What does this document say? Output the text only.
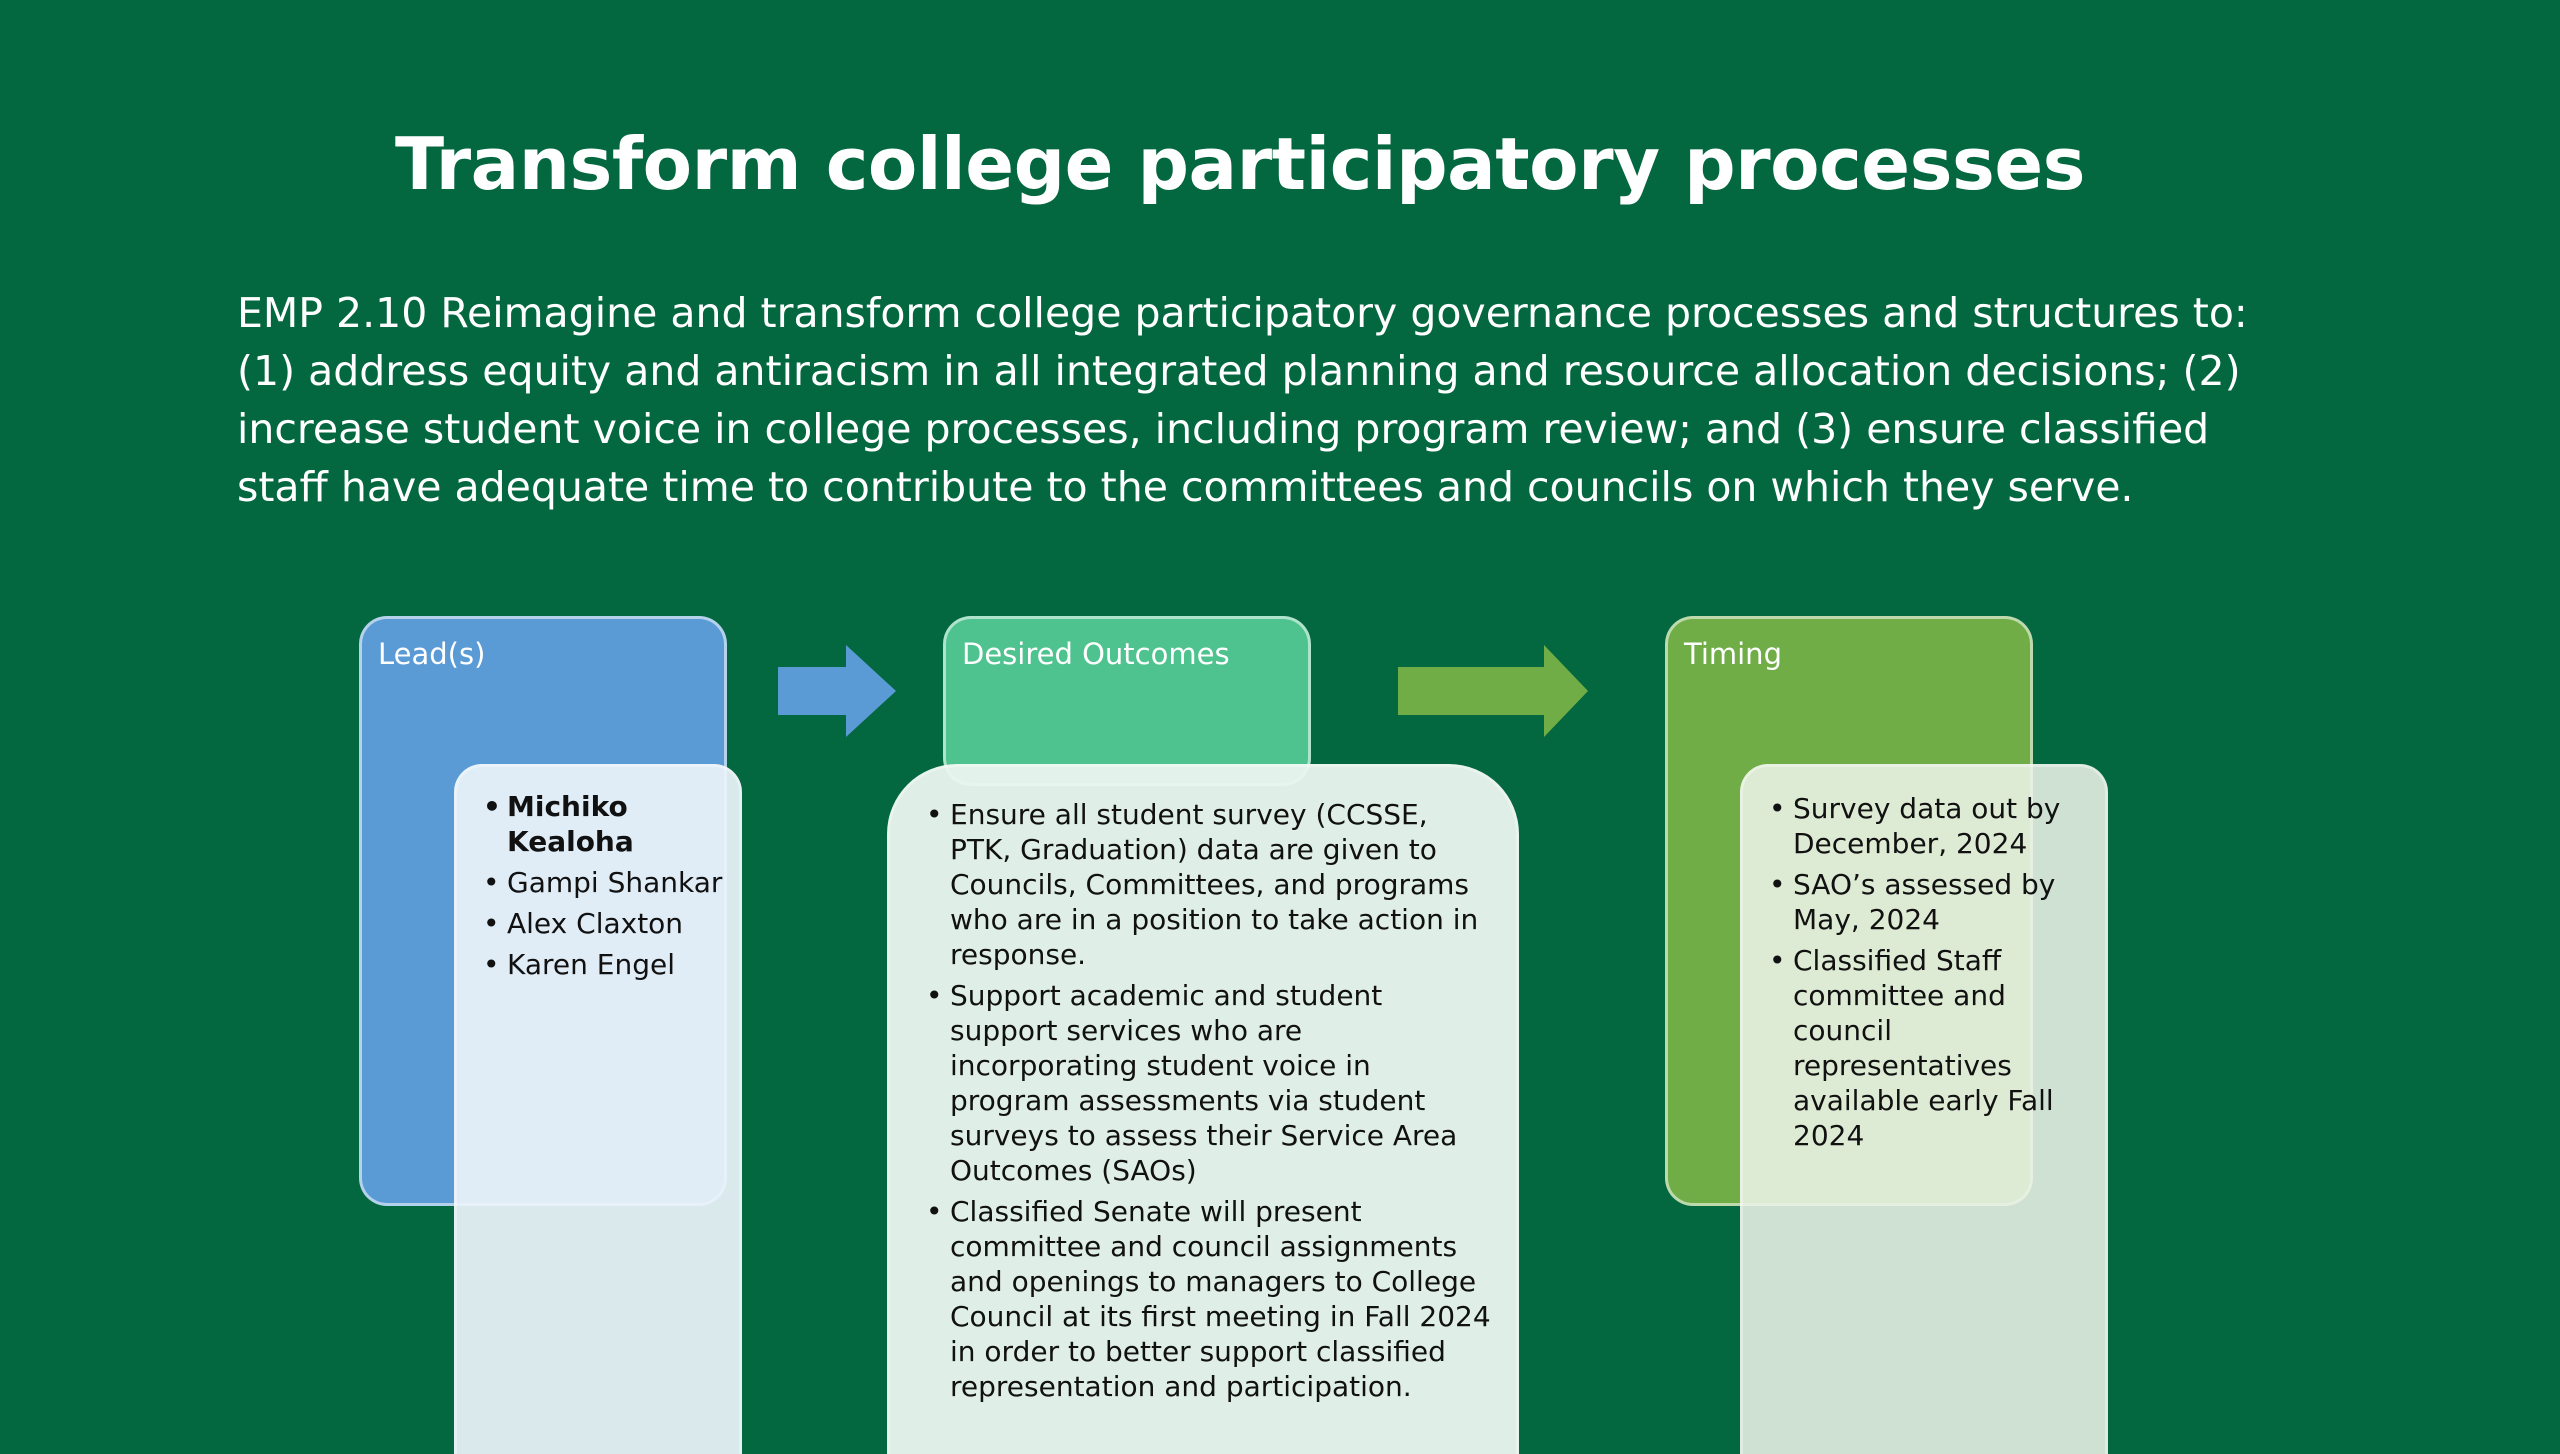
Transform college participatory processes

EMP 2.10 Reimagine and transform college participatory governance processes and structures to: (1) address equity and antiracism in all integrated planning and resource allocation decisions; (2) increase student voice in college processes, including program review; and (3) ensure classified staff have adequate time to contribute to the committees and councils on which they serve.

Lead(s)
• Michiko Kealoha
• Gampi Shankar
• Alex Claxton
• Karen Engel
Desired Outcomes
• Ensure all student survey (CCSSE, PTK, Graduation) data are given to Councils, Committees, and programs who are in a position to take action in response.
• Support academic and student support services who are incorporating student voice in program assessments via student surveys to assess their Service Area Outcomes (SAOs)
• Classified Senate will present committee and council assignments and openings to managers to College Council at its first meeting in Fall 2024 in order to better support classified representation and participation.
Timing
• Survey data out by December, 2024
• SAO’s assessed by May, 2024
• Classified Staff committee and council representatives available early Fall 2024
